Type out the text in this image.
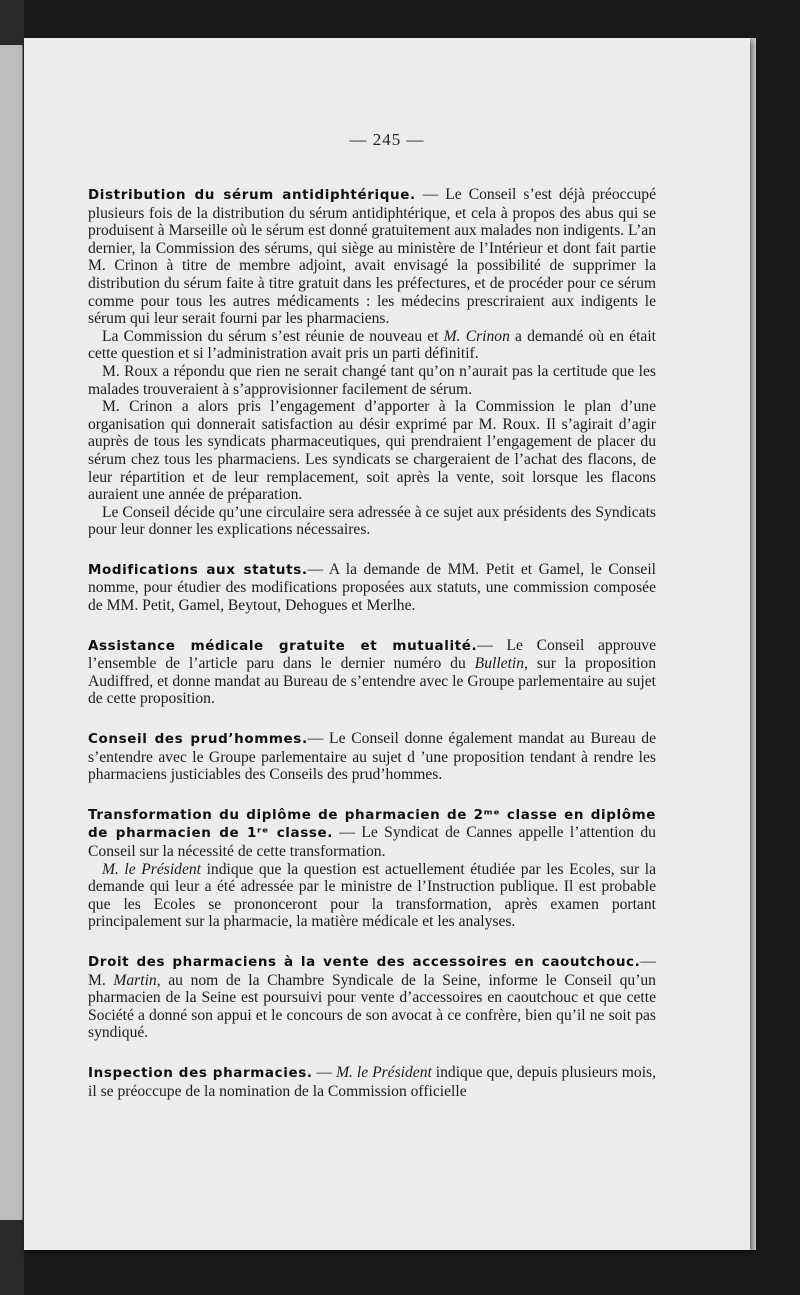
— 245 —

Distribution du sérum antidiphtérique. — Le Conseil s’est déjà préoccupé plusieurs fois de la distribution du sérum antidiphtérique, et cela à propos des abus qui se produisent à Marseille où le sérum est donné gratuitement aux malades non indigents. L’an dernier, la Commission des sérums, qui siège au ministère de l’Intérieur et dont fait partie M. Crinon à titre de membre adjoint, avait envisagé la possibilité de supprimer la distribution du sérum faite à titre gratuit dans les préfectures, et de procéder pour ce sérum comme pour tous les autres médicaments : les médecins prescriraient aux indigents le sérum qui leur serait fourni par les pharmaciens.

La Commission du sérum s’est réunie de nouveau et M. Crinon a demandé où en était cette question et si l’administration avait pris un parti définitif.

M. Roux a répondu que rien ne serait changé tant qu’on n’aurait pas la certitude que les malades trouveraient à s’approvisionner facilement de sérum.

M. Crinon a alors pris l’engagement d’apporter à la Commission le plan d’une organisation qui donnerait satisfaction au désir exprimé par M. Roux. Il s’agirait d’agir auprès de tous les syndicats pharmaceutiques, qui prendraient l’engagement de placer du sérum chez tous les pharmaciens. Les syndicats se chargeraient de l’achat des flacons, de leur répartition et de leur remplacement, soit après la vente, soit lorsque les flacons auraient une année de préparation.

Le Conseil décide qu’une circulaire sera adressée à ce sujet aux présidents des Syndicats pour leur donner les explications nécessaires.

Modifications aux statuts.— A la demande de MM. Petit et Gamel, le Conseil nomme, pour étudier des modifications proposées aux statuts, une commission composée de MM. Petit, Gamel, Beytout, Dehogues et Merlhe.

Assistance médicale gratuite et mutualité.— Le Conseil approuve l’ensemble de l’article paru dans le dernier numéro du Bulletin, sur la proposition Audiffred, et donne mandat au Bureau de s’entendre avec le Groupe parlementaire au sujet de cette proposition.

Conseil des prud’hommes.— Le Conseil donne également mandat au Bureau de s’entendre avec le Groupe parlementaire au sujet d ’une proposition tendant à rendre les pharmaciens justiciables des Conseils des prud’hommes.

Transformation du diplôme de pharmacien de 2ᵐᵉ classe en diplôme de pharmacien de 1ʳᵉ classe. — Le Syndicat de Cannes appelle l’attention du Conseil sur la nécessité de cette transformation.

M. le Président indique que la question est actuellement étudiée par les Ecoles, sur la demande qui leur a été adressée par le ministre de l’Instruction publique. Il est probable que les Ecoles se prononceront pour la transformation, après examen portant principalement sur la pharmacie, la matière médicale et les analyses.

Droit des pharmaciens à la vente des accessoires en caoutchouc.— M. Martin, au nom de la Chambre Syndicale de la Seine, informe le Conseil qu’un pharmacien de la Seine est poursuivi pour vente d’accessoires en caoutchouc et que cette Société a donné son appui et le concours de son avocat à ce confrère, bien qu’il ne soit pas syndiqué.

Inspection des pharmacies. — M. le Président indique que, depuis plusieurs mois, il se préoccupe de la nomination de la Commission officielle
